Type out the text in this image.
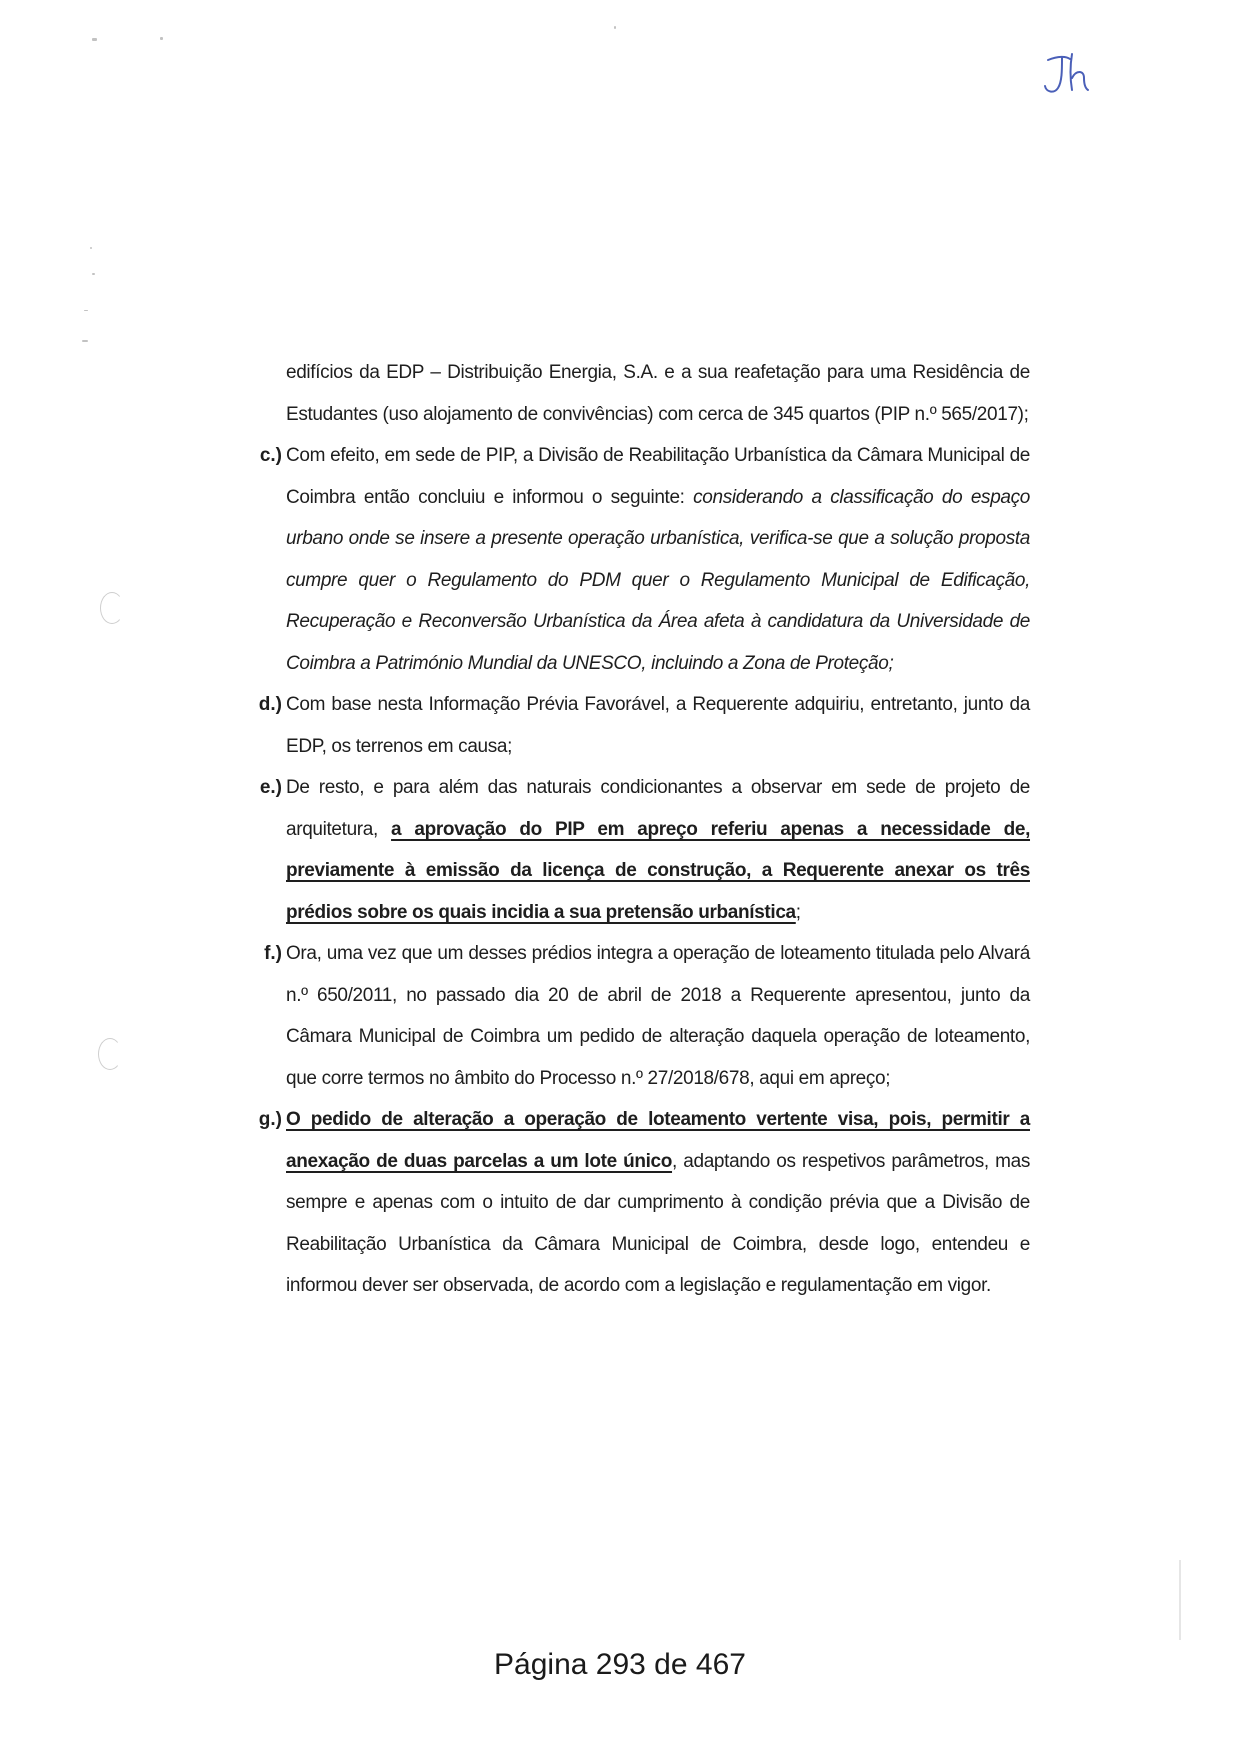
edifícios da EDP – Distribuição Energia, S.A. e a sua reafetação para uma Residência de Estudantes (uso alojamento de convivências) com cerca de 345 quartos (PIP n.º 565/2017);
c.) Com efeito, em sede de PIP, a Divisão de Reabilitação Urbanística da Câmara Municipal de Coimbra então concluiu e informou o seguinte: considerando a classificação do espaço urbano onde se insere a presente operação urbanística, verifica-se que a solução proposta cumpre quer o Regulamento do PDM quer o Regulamento Municipal de Edificação, Recuperação e Reconversão Urbanística da Área afeta à candidatura da Universidade de Coimbra a Património Mundial da UNESCO, incluindo a Zona de Proteção;
d.) Com base nesta Informação Prévia Favorável, a Requerente adquiriu, entretanto, junto da EDP, os terrenos em causa;
e.) De resto, e para além das naturais condicionantes a observar em sede de projeto de arquitetura, a aprovação do PIP em apreço referiu apenas a necessidade de, previamente à emissão da licença de construção, a Requerente anexar os três prédios sobre os quais incidia a sua pretensão urbanística;
f.) Ora, uma vez que um desses prédios integra a operação de loteamento titulada pelo Alvará n.º 650/2011, no passado dia 20 de abril de 2018 a Requerente apresentou, junto da Câmara Municipal de Coimbra um pedido de alteração daquela operação de loteamento, que corre termos no âmbito do Processo n.º 27/2018/678, aqui em apreço;
g.) O pedido de alteração a operação de loteamento vertente visa, pois, permitir a anexação de duas parcelas a um lote único, adaptando os respetivos parâmetros, mas sempre e apenas com o intuito de dar cumprimento à condição prévia que a Divisão de Reabilitação Urbanística da Câmara Municipal de Coimbra, desde logo, entendeu e informou dever ser observada, de acordo com a legislação e regulamentação em vigor.
Página 293 de 467
